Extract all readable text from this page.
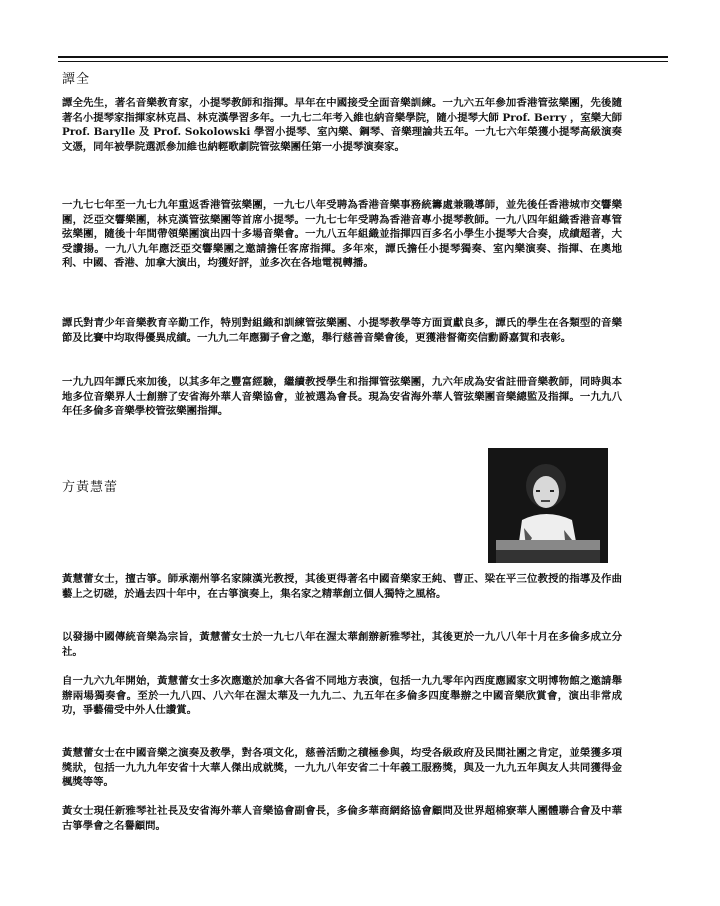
譚全

譚全先生，著名音樂教育家，小提琴教師和指揮。早年在中國接受全面音樂訓練。一九六五年參加香港管弦樂團，先後隨著名小提琴家指揮家林克昌、林克漢學習多年。一九七二年考入維也納音樂學院，隨小提琴大師 Prof. Berry ，室樂大師 Prof. Barylle 及 Prof. Sokolowski 學習小提琴、室內樂、鋼琴、音樂理論共五年。一九七六年榮獲小提琴高級演奏文憑，同年被學院選派參加維也納輕歌劇院管弦樂團任第一小提琴演奏家。

一九七七年至一九七九年重返香港管弦樂團，一九七八年受聘為香港音樂事務統籌處兼職導師，並先後任香港城市交響樂團，泛亞交響樂團，林克漢管弦樂團等首席小提琴。一九七七年受聘為香港音專小提琴教師。一九八四年組織香港音專管弦樂團，隨後十年間帶領樂團演出四十多場音樂會。一九八五年組織並指揮四百多名小學生小提琴大合奏，成績超著，大受讚揚。一九八九年應泛亞交響樂團之邀請擔任客席指揮。多年來，譚氏擔任小提琴獨奏、室內樂演奏、指揮、在奧地利、中國、香港、加拿大演出，均獲好評，並多次在各地電視轉播。

譚氏對青少年音樂教育辛勤工作，特別對組織和訓練管弦樂團、小提琴教學等方面貢獻良多，譚氏的學生在各類型的音樂節及比賽中均取得優異成績。一九九二年應獅子會之邀，舉行慈善音樂會後，更獲港督衛奕信勳爵嘉賀和表彰。

一九九四年譚氏來加後，以其多年之豐富經驗，繼續教授學生和指揮管弦樂團，九六年成為安省註冊音樂教師，同時與本地多位音樂界人士創辦了安省海外華人音樂協會，並被選為會長。現為安省海外華人管弦樂團音樂總監及指揮。一九九八年任多倫多音樂學校管弦樂團指揮。

方黃慧蕾

黃慧蕾女士，擅古箏。師承潮州箏名家陳漢光教授，其後更得著名中國音樂家王純、曹正、梁在平三位教授的指導及作曲藝上之切磋，於過去四十年中，在古箏演奏上，集名家之精華創立個人獨特之風格。

以發揚中國傳統音樂為宗旨，黃慧蕾女士於一九七八年在渥太華創辦新雅琴社，其後更於一九八八年十月在多倫多成立分社。

自一九六九年開始，黃慧蕾女士多次應邀於加拿大各省不同地方表演，包括一九九零年內西度應國家文明博物館之邀請舉辦兩場獨奏會。至於一九八四、八六年在渥太華及一九九二、九五年在多倫多四度舉辦之中國音樂欣賞會，演出非常成功，爭藝備受中外人仕讚賞。

黃慧蕾女士在中國音樂之演奏及教學，對各項文化，慈善活動之積極參與，均受各級政府及民間社團之肯定，並榮獲多項獎狀，包括一九九九年安省十大華人傑出成就獎，一九九八年安省二十年義工服務獎，與及一九九五年與友人共同獲得金楓獎等等。

黃女士現任新雅琴社社長及安省海外華人音樂協會副會長，多倫多華商網絡協會顧問及世界超棉寮華人團體聯合會及中華古箏學會之名譽顧問。
